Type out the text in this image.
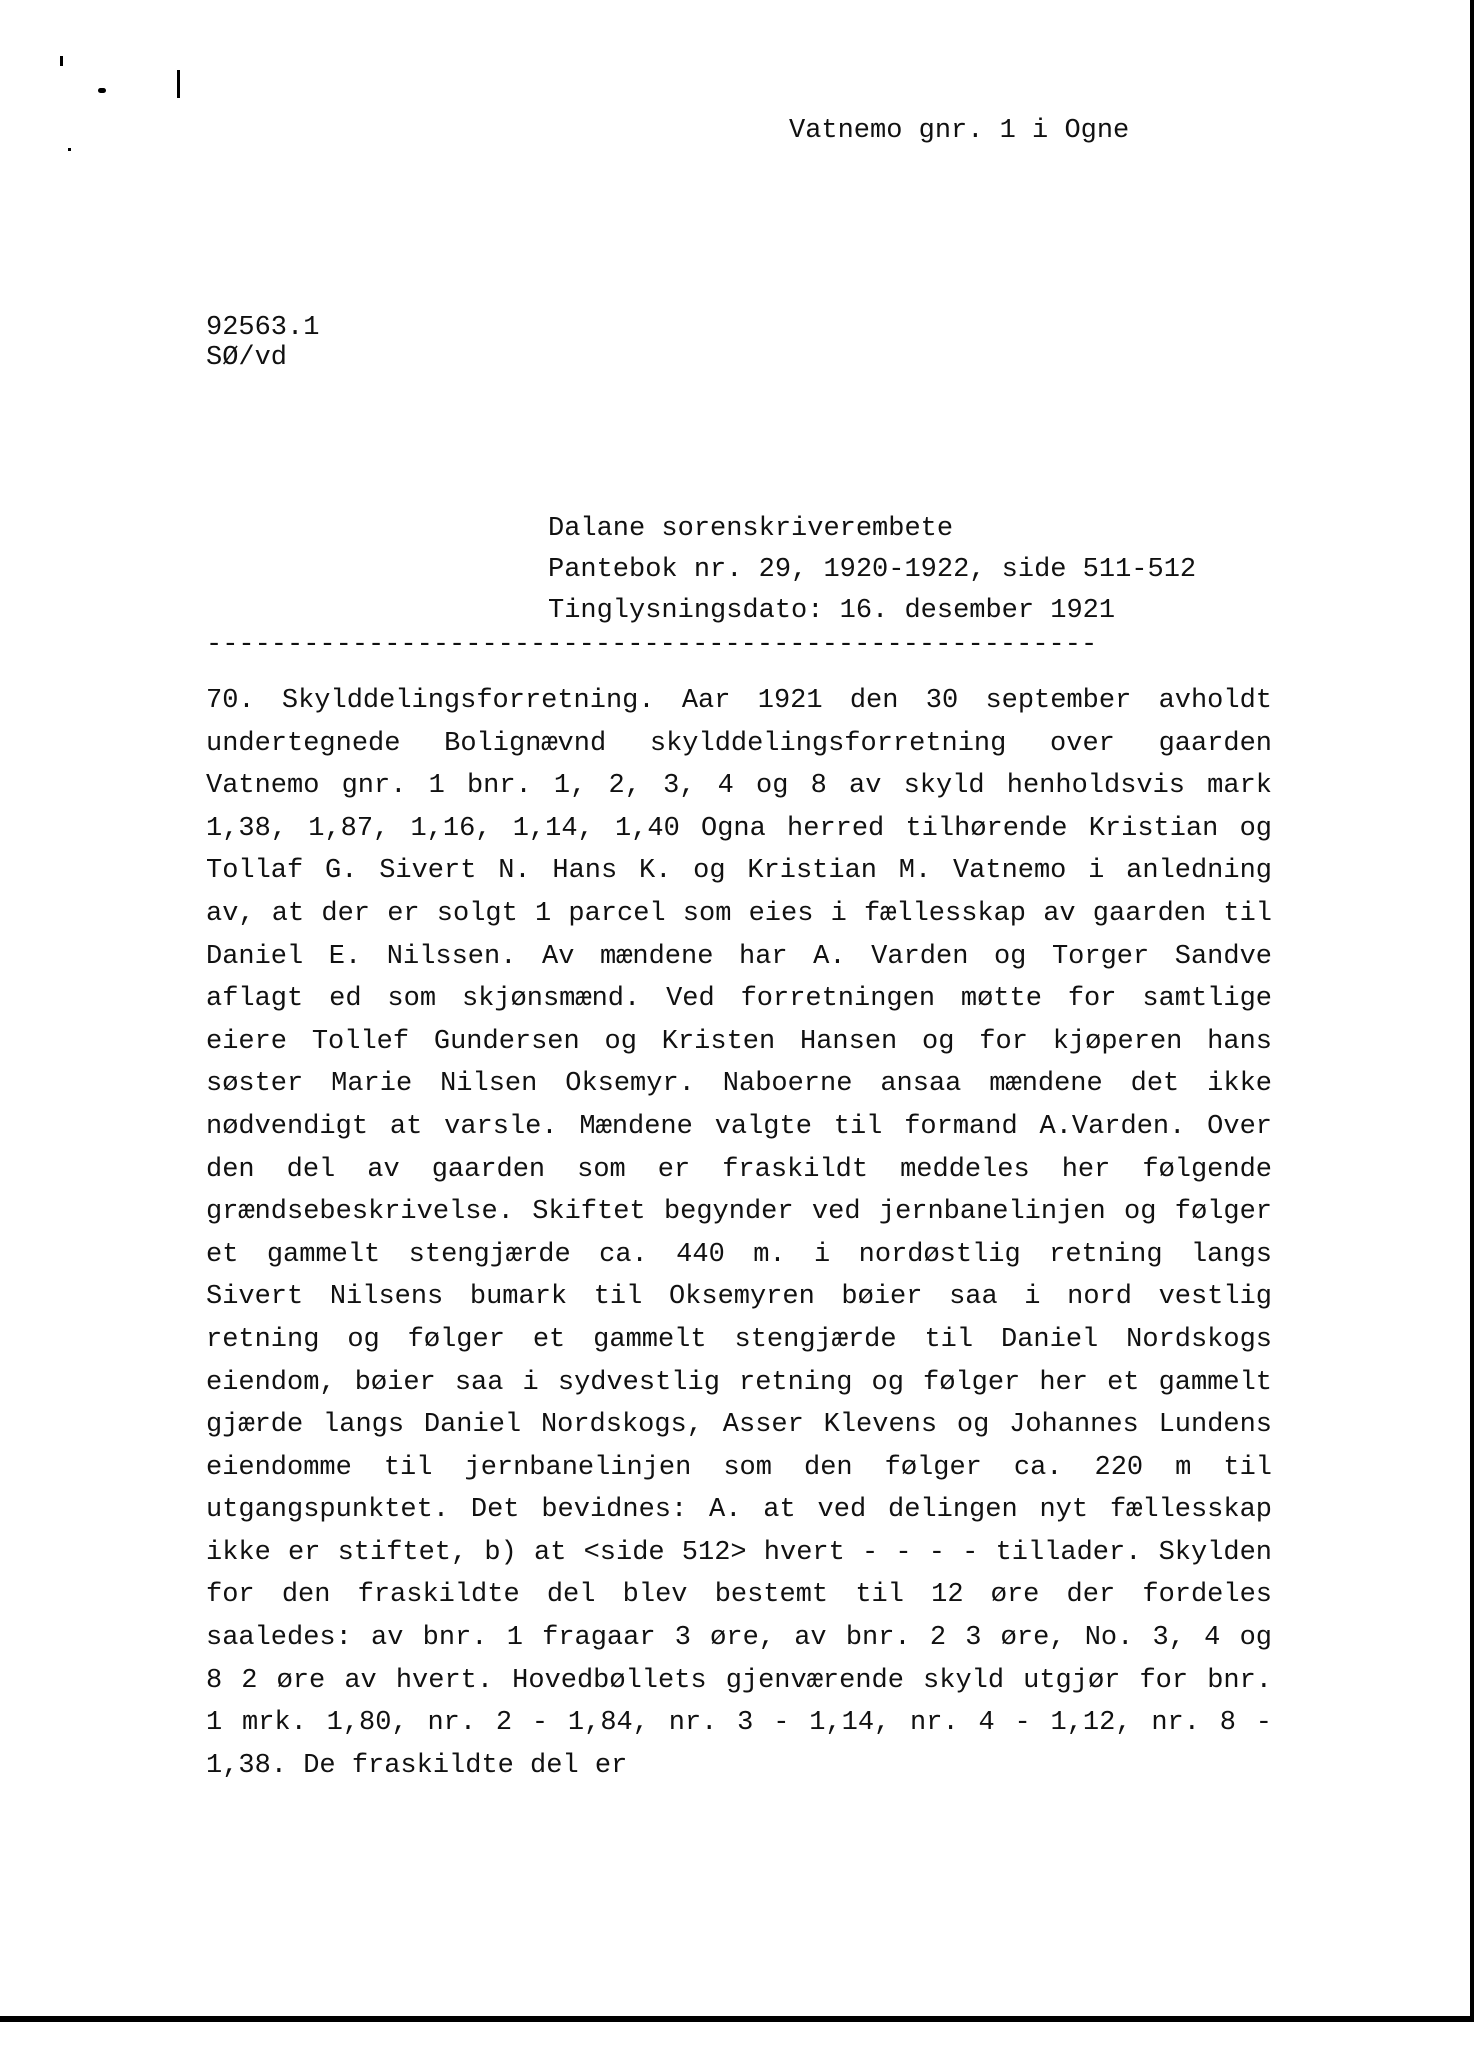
Vatnemo gnr. 1 i Ogne
92563.1
SØ/vd
Dalane sorenskriverembete
Pantebok nr. 29, 1920-1922, side 511-512
Tinglysningsdato: 16. desember 1921
-------------------------------------------------------
70. Skylddelingsforretning. Aar 1921 den 30 september avholdt
undertegnede Bolignævnd skylddelingsforretning over gaarden
Vatnemo gnr. 1 bnr. 1, 2, 3, 4 og 8 av skyld henholdsvis mark
1,38, 1,87, 1,16, 1,14, 1,40 Ogna herred tilhørende Kristian og
Tollaf G. Sivert N. Hans K. og Kristian M. Vatnemo i anledning
av, at der er solgt 1 parcel som eies i fællesskap av gaarden til
Daniel E. Nilssen. Av mændene har A. Varden og Torger Sandve
aflagt ed som skjønsmænd. Ved forretningen møtte for samtlige
eiere Tollef Gundersen og Kristen Hansen og for kjøperen hans
søster Marie Nilsen Oksemyr. Naboerne ansaa mændene det ikke
nødvendigt at varsle. Mændene valgte til formand A.Varden. Over
den del av gaarden som er fraskildt meddeles her følgende
grændsebeskrivelse. Skiftet begynder ved jernbanelinjen og følger
et gammelt stengjærde ca. 440 m. i nordøstlig retning langs
Sivert Nilsens bumark til Oksemyren bøier saa i nord vestlig
retning og følger et gammelt stengjærde til Daniel Nordskogs
eiendom, bøier saa i sydvestlig retning og følger her et gammelt
gjærde langs Daniel Nordskogs, Asser Klevens og Johannes Lundens
eiendomme til jernbanelinjen som den følger ca. 220 m til
utgangspunktet. Det bevidnes: A. at ved delingen nyt fællesskap
ikke er stiftet, b) at <side 512> hvert - - - - tillader. Skylden
for den fraskildte del blev bestemt til 12 øre der fordeles
saaledes: av bnr. 1 fragaar 3 øre, av bnr. 2 3 øre, No. 3, 4 og
8 2 øre av hvert. Hovedbøllets gjenværende skyld utgjør for bnr.
1 mrk. 1,80, nr. 2 - 1,84, nr. 3 - 1,14, nr. 4 - 1,12, nr. 8 -
1,38. De fraskildte del er
